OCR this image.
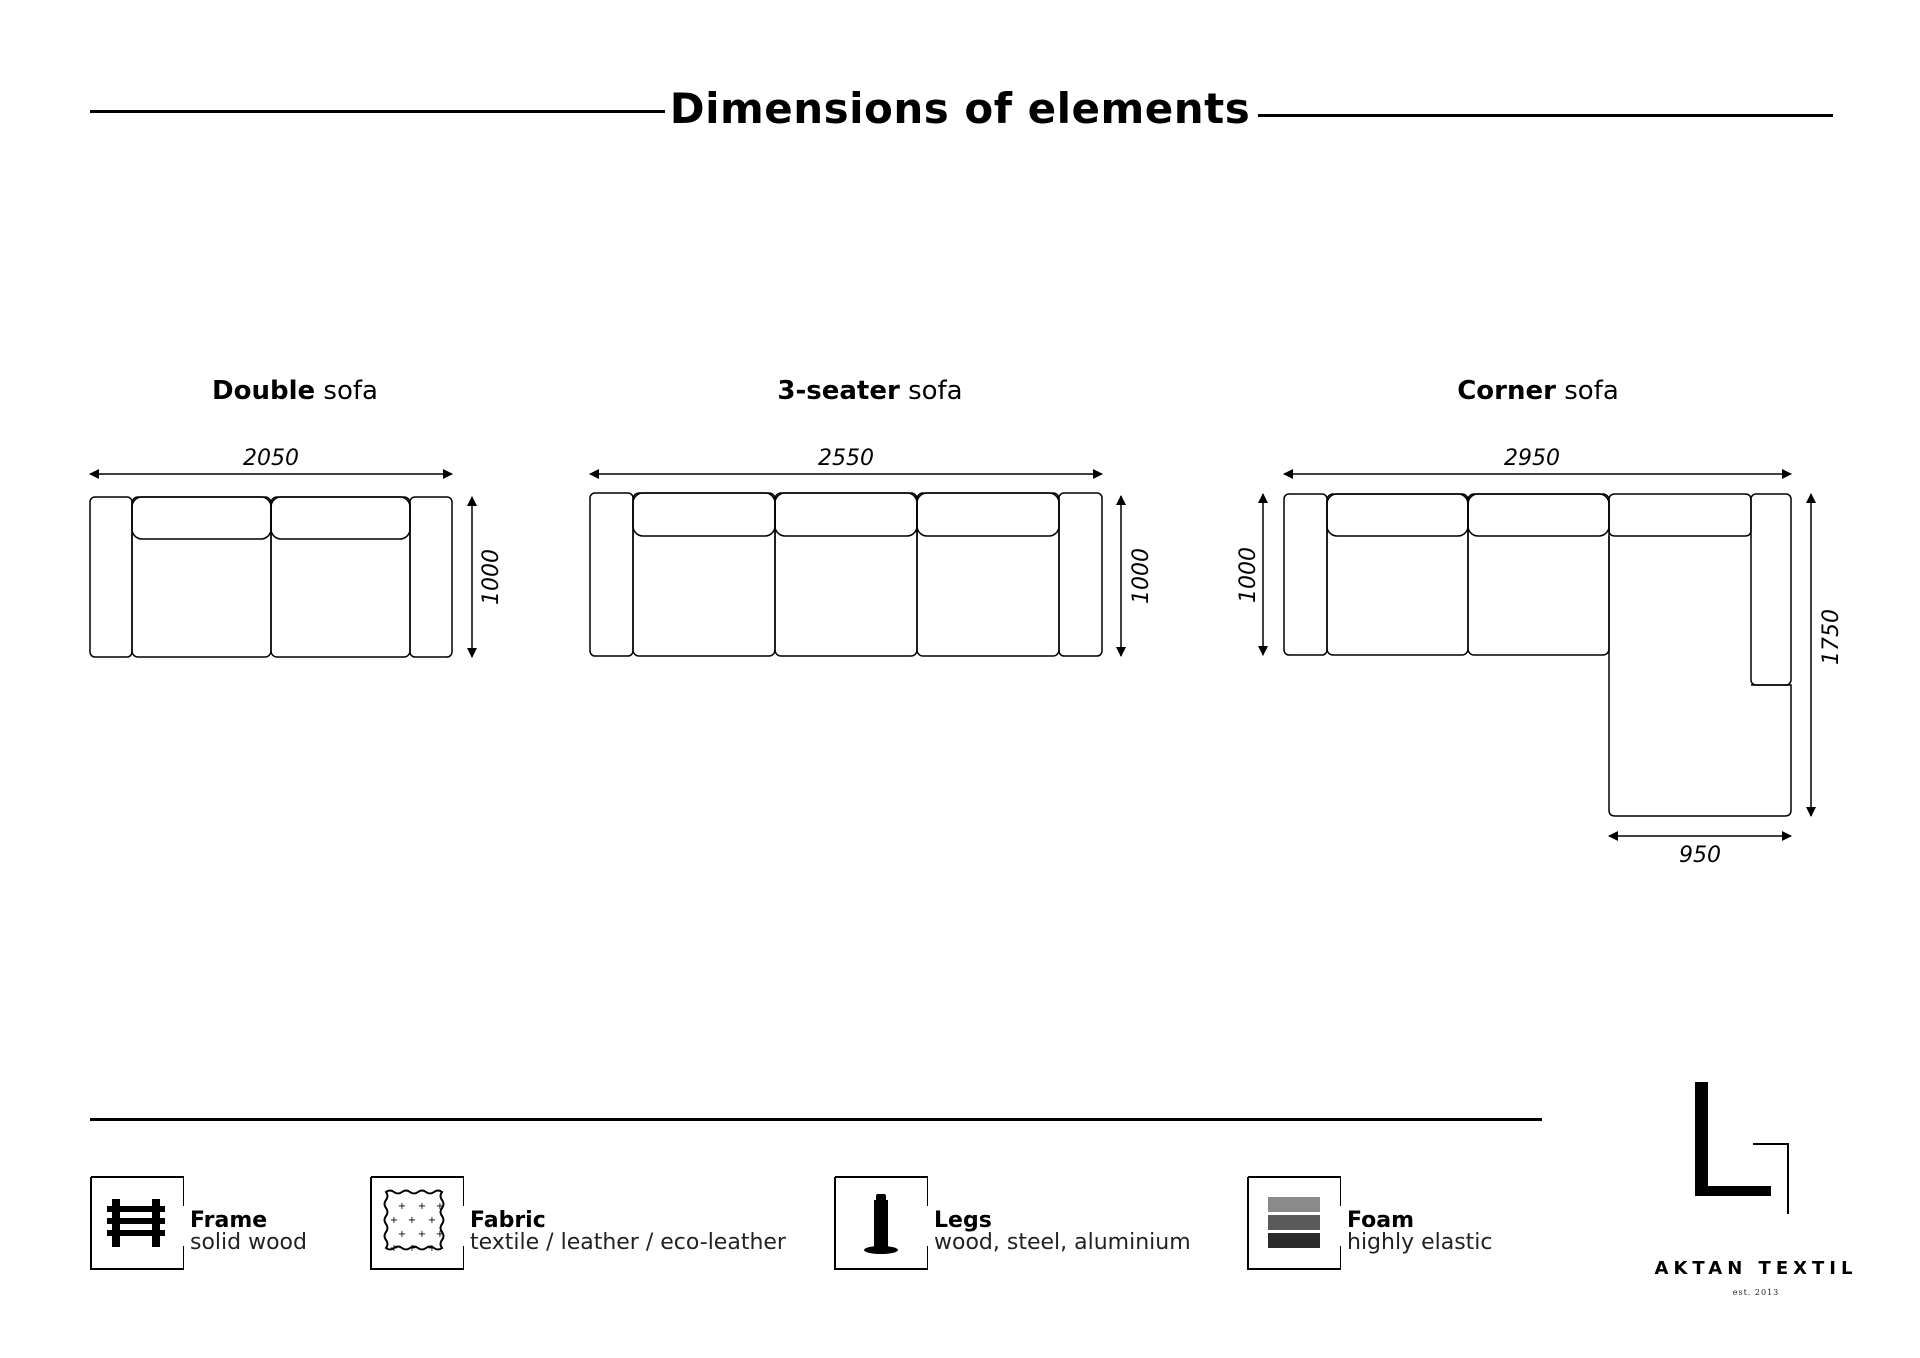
Dimensions of elements
Double sofa	3-seater sofa	Corner sofa
2050
1000
2550
1000
2950
1000
1750
950
Frame
solid wood
+ + +
+ + +
+ + +
+ + +
Fabric
textile / leather / eco-leather
Legs
wood, steel, aluminium
Foam
highly elastic
AKTAN TEXTIL
est. 2013
